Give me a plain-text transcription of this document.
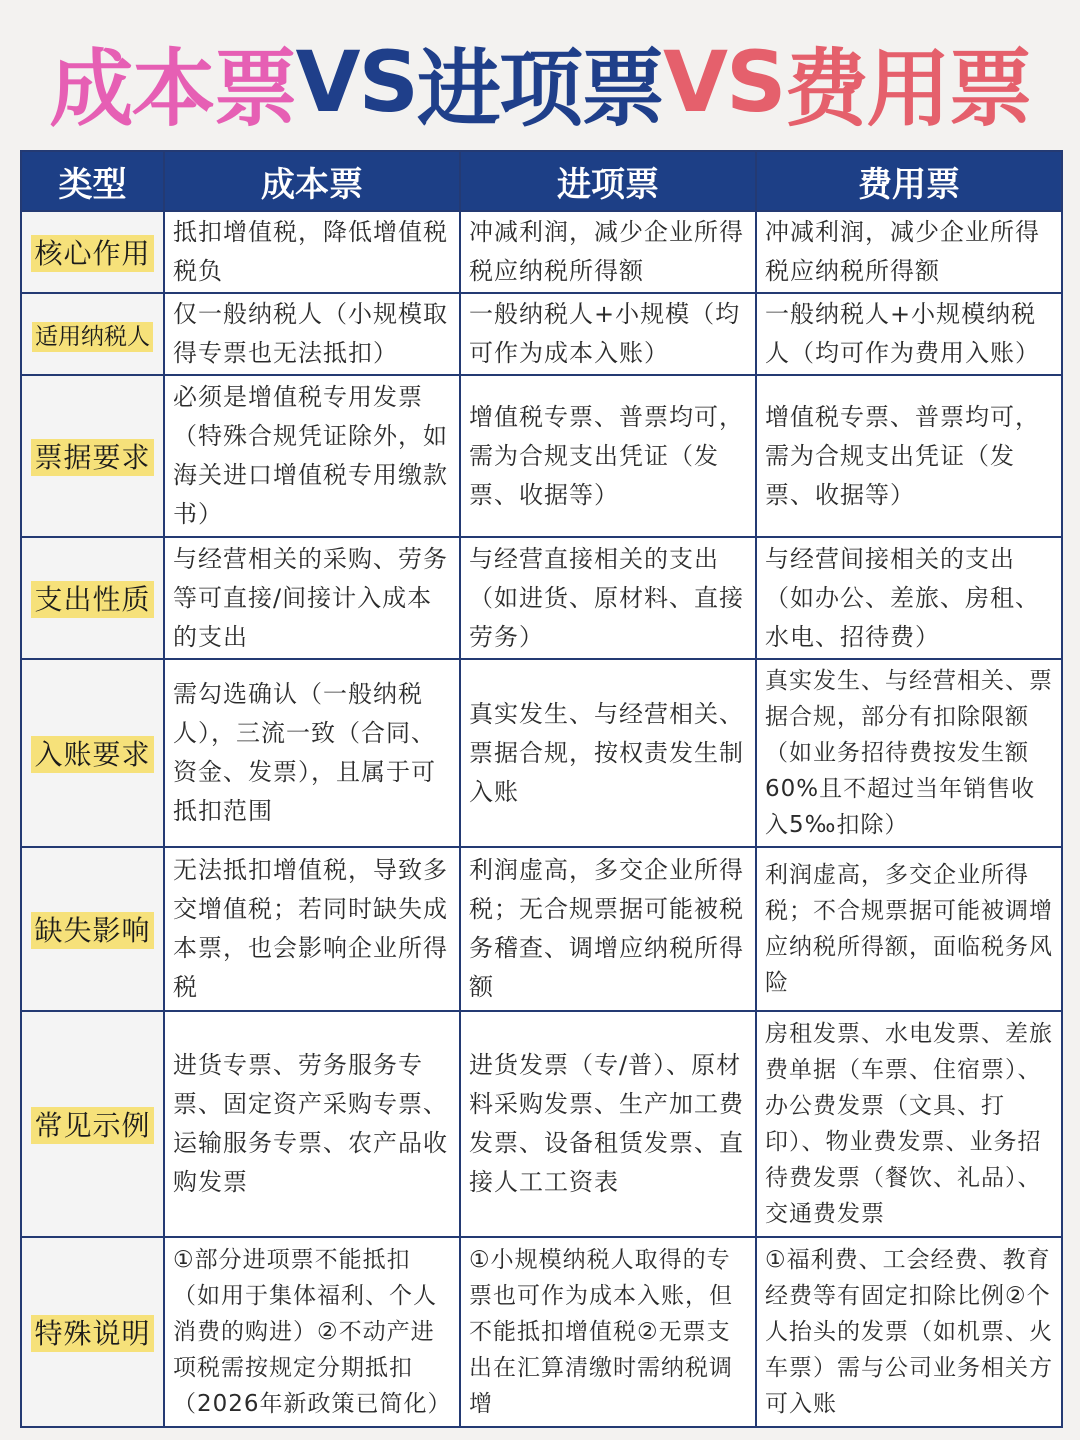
成本票 VS 进项票 VS 费用票
类型	成本票	进项票	费用票
核心作用	抵扣增值税，降低增值税税负	冲减利润，减少企业所得税应纳税所得额	冲减利润，减少企业所得税应纳税所得额
适用纳税人	仅一般纳税人（小规模取得专票也无法抵扣）	一般纳税人+小规模（均可作为成本入账）	一般纳税人+小规模纳税人（均可作为费用入账）
票据要求	必须是增值税专用发票（特殊合规凭证除外，如海关进口增值税专用缴款书）	增值税专票、普票均可，需为合规支出凭证（发票、收据等）	增值税专票、普票均可，需为合规支出凭证（发票、收据等）
支出性质	与经营相关的采购、劳务等可直接/间接计入成本的支出	与经营直接相关的支出（如进货、原材料、直接劳务）	与经营间接相关的支出（如办公、差旅、房租、水电、招待费）
入账要求	需勾选确认（一般纳税人），三流一致（合同、资金、发票），且属于可抵扣范围	真实发生、与经营相关、票据合规，按权责发生制入账	真实发生、与经营相关、票据合规，部分有扣除限额（如业务招待费按发生额60%且不超过当年销售收入5‰扣除）
缺失影响	无法抵扣增值税，导致多交增值税；若同时缺失成本票，也会影响企业所得税	利润虚高，多交企业所得税；无合规票据可能被税务稽查、调增应纳税所得额	利润虚高，多交企业所得税；不合规票据可能被调增应纳税所得额，面临税务风险
常见示例	进货专票、劳务服务专票、固定资产采购专票、运输服务专票、农产品收购发票	进货发票（专/普）、原材料采购发票、生产加工费发票、设备租赁发票、直接人工工资表	房租发票、水电发票、差旅费单据（车票、住宿票）、办公费发票（文具、打印）、物业费发票、业务招待费发票（餐饮、礼品）、交通费发票
特殊说明	①部分进项票不能抵扣（如用于集体福利、个人消费的购进）②不动产进项税需按规定分期抵扣（2026年新政策已简化）	①小规模纳税人取得的专票也可作为成本入账，但不能抵扣增值税②无票支出在汇算清缴时需纳税调增	①福利费、工会经费、教育经费等有固定扣除比例②个人抬头的发票（如机票、火车票）需与公司业务相关方可入账
